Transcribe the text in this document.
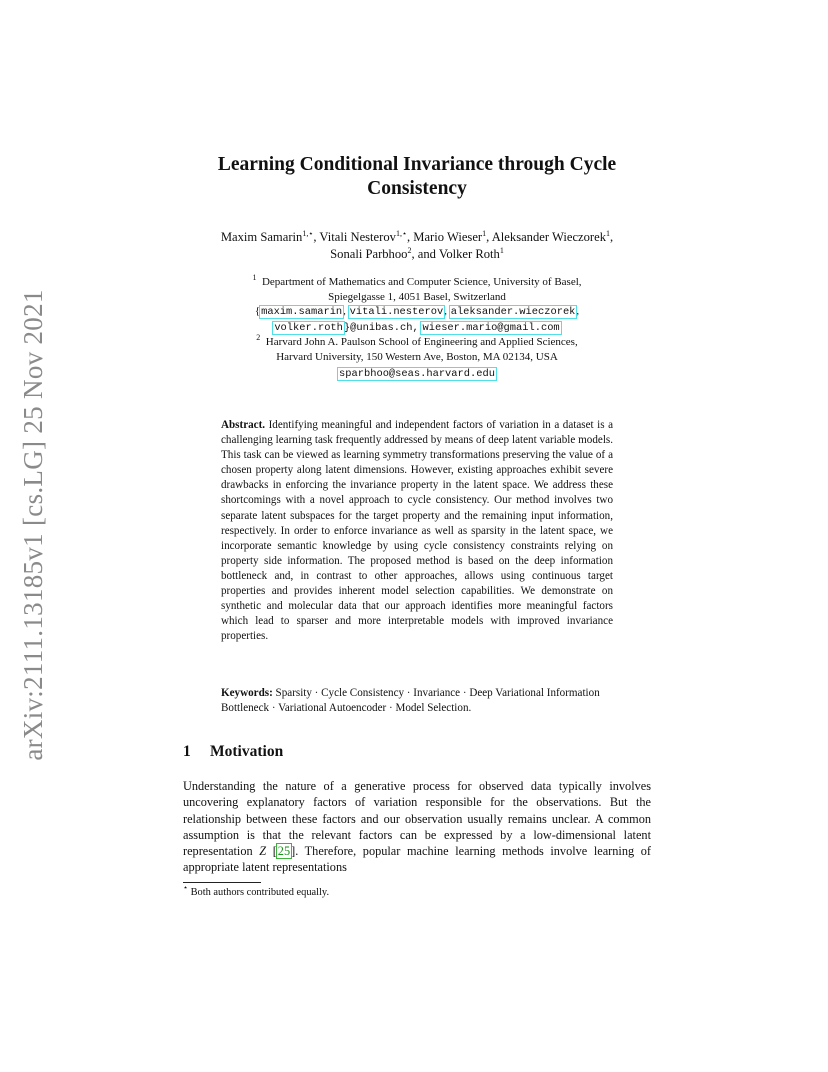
arXiv:2111.13185v1 [cs.LG] 25 Nov 2021
Learning Conditional Invariance through Cycle
Consistency
Maxim Samarin$^{1,⋆}$, Vitali Nesterov$^{1,⋆}$, Mario Wieser$^1$, Aleksander Wieczorek$^1$,
Sonali Parbhoo$^2$, and Volker Roth$^1$
$^1$ Department of Mathematics and Computer Science, University of Basel,
Spiegelgasse 1, 4051 Basel, Switzerland
{maxim.samarin, vitali.nesterov, aleksander.wieczorek,
volker.roth}@unibas.ch, wieser.mario@gmail.com
$^2$ Harvard John A. Paulson School of Engineering and Applied Sciences,
Harvard University, 150 Western Ave, Boston, MA 02134, USA
sparbhoo@seas.harvard.edu
Abstract. Identifying meaningful and independent factors of variation in a dataset is a challenging learning task frequently addressed by means of deep latent variable models. This task can be viewed as learning symmetry transformations preserving the value of a chosen property along latent dimensions. However, existing approaches exhibit severe drawbacks in enforcing the invariance property in the latent space. We address these shortcomings with a novel approach to cycle consistency. Our method involves two separate latent subspaces for the target property and the remaining input information, respectively. In order to enforce invariance as well as sparsity in the latent space, we incorporate semantic knowledge by using cycle consistency constraints relying on property side information. The proposed method is based on the deep information bottleneck and, in contrast to other approaches, allows using continuous target properties and provides inherent model selection capabilities. We demonstrate on synthetic and molecular data that our approach identifies more meaningful factors which lead to sparser and more interpretable models with improved invariance properties.
Keywords: Sparsity · Cycle Consistency · Invariance · Deep Variational Information Bottleneck · Variational Autoencoder · Model Selection.
1 Motivation
Understanding the nature of a generative process for observed data typically involves uncovering explanatory factors of variation responsible for the observations. But the relationship between these factors and our observation usually remains unclear. A common assumption is that the relevant factors can be expressed by a low-dimensional latent representation Z [25]. Therefore, popular machine learning methods involve learning of appropriate latent representations
⋆ Both authors contributed equally.
